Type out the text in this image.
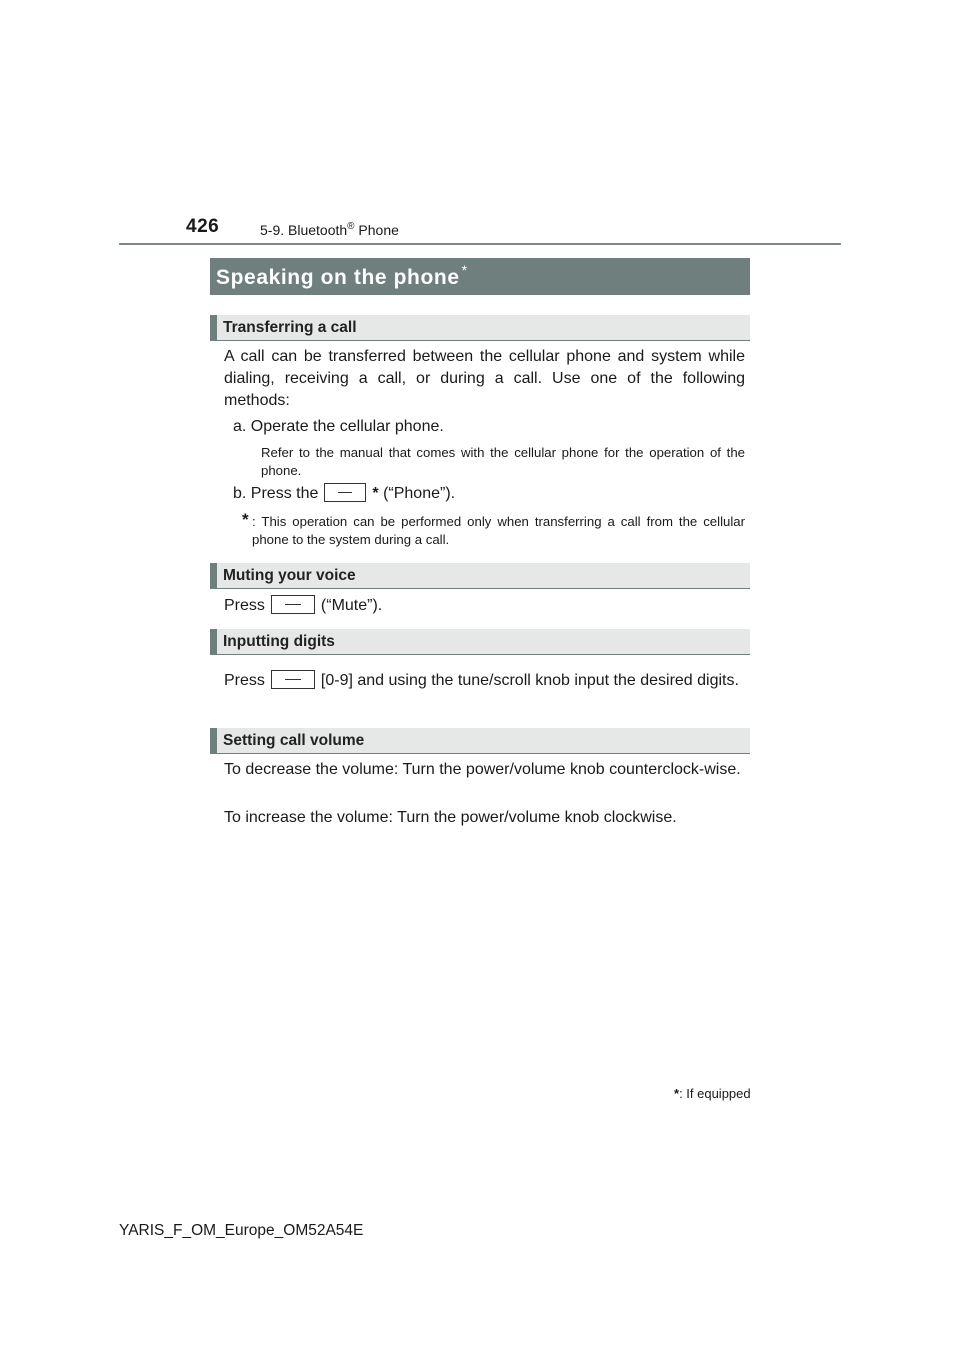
426	5-9. Bluetooth® Phone
Speaking on the phone *
Transferring a call
A call can be transferred between the cellular phone and system while dialing, receiving a call, or during a call. Use one of the following methods:
a. Operate the cellular phone.
Refer to the manual that comes with the cellular phone for the operation of the phone.
b. Press the	* (“Phone”).
* : This operation can be performed only when transferring a call from the cellular phone to the system during a call.
Muting your voice
Press	(“Mute”).
Inputting digits
Press	[0-9] and using the tune/scroll knob input the desired digits.
Setting call volume
To decrease the volume: Turn the power/volume knob counterclock-wise.
To increase the volume: Turn the power/volume knob clockwise.
*: If equipped
YARIS_F_OM_Europe_OM52A54E
